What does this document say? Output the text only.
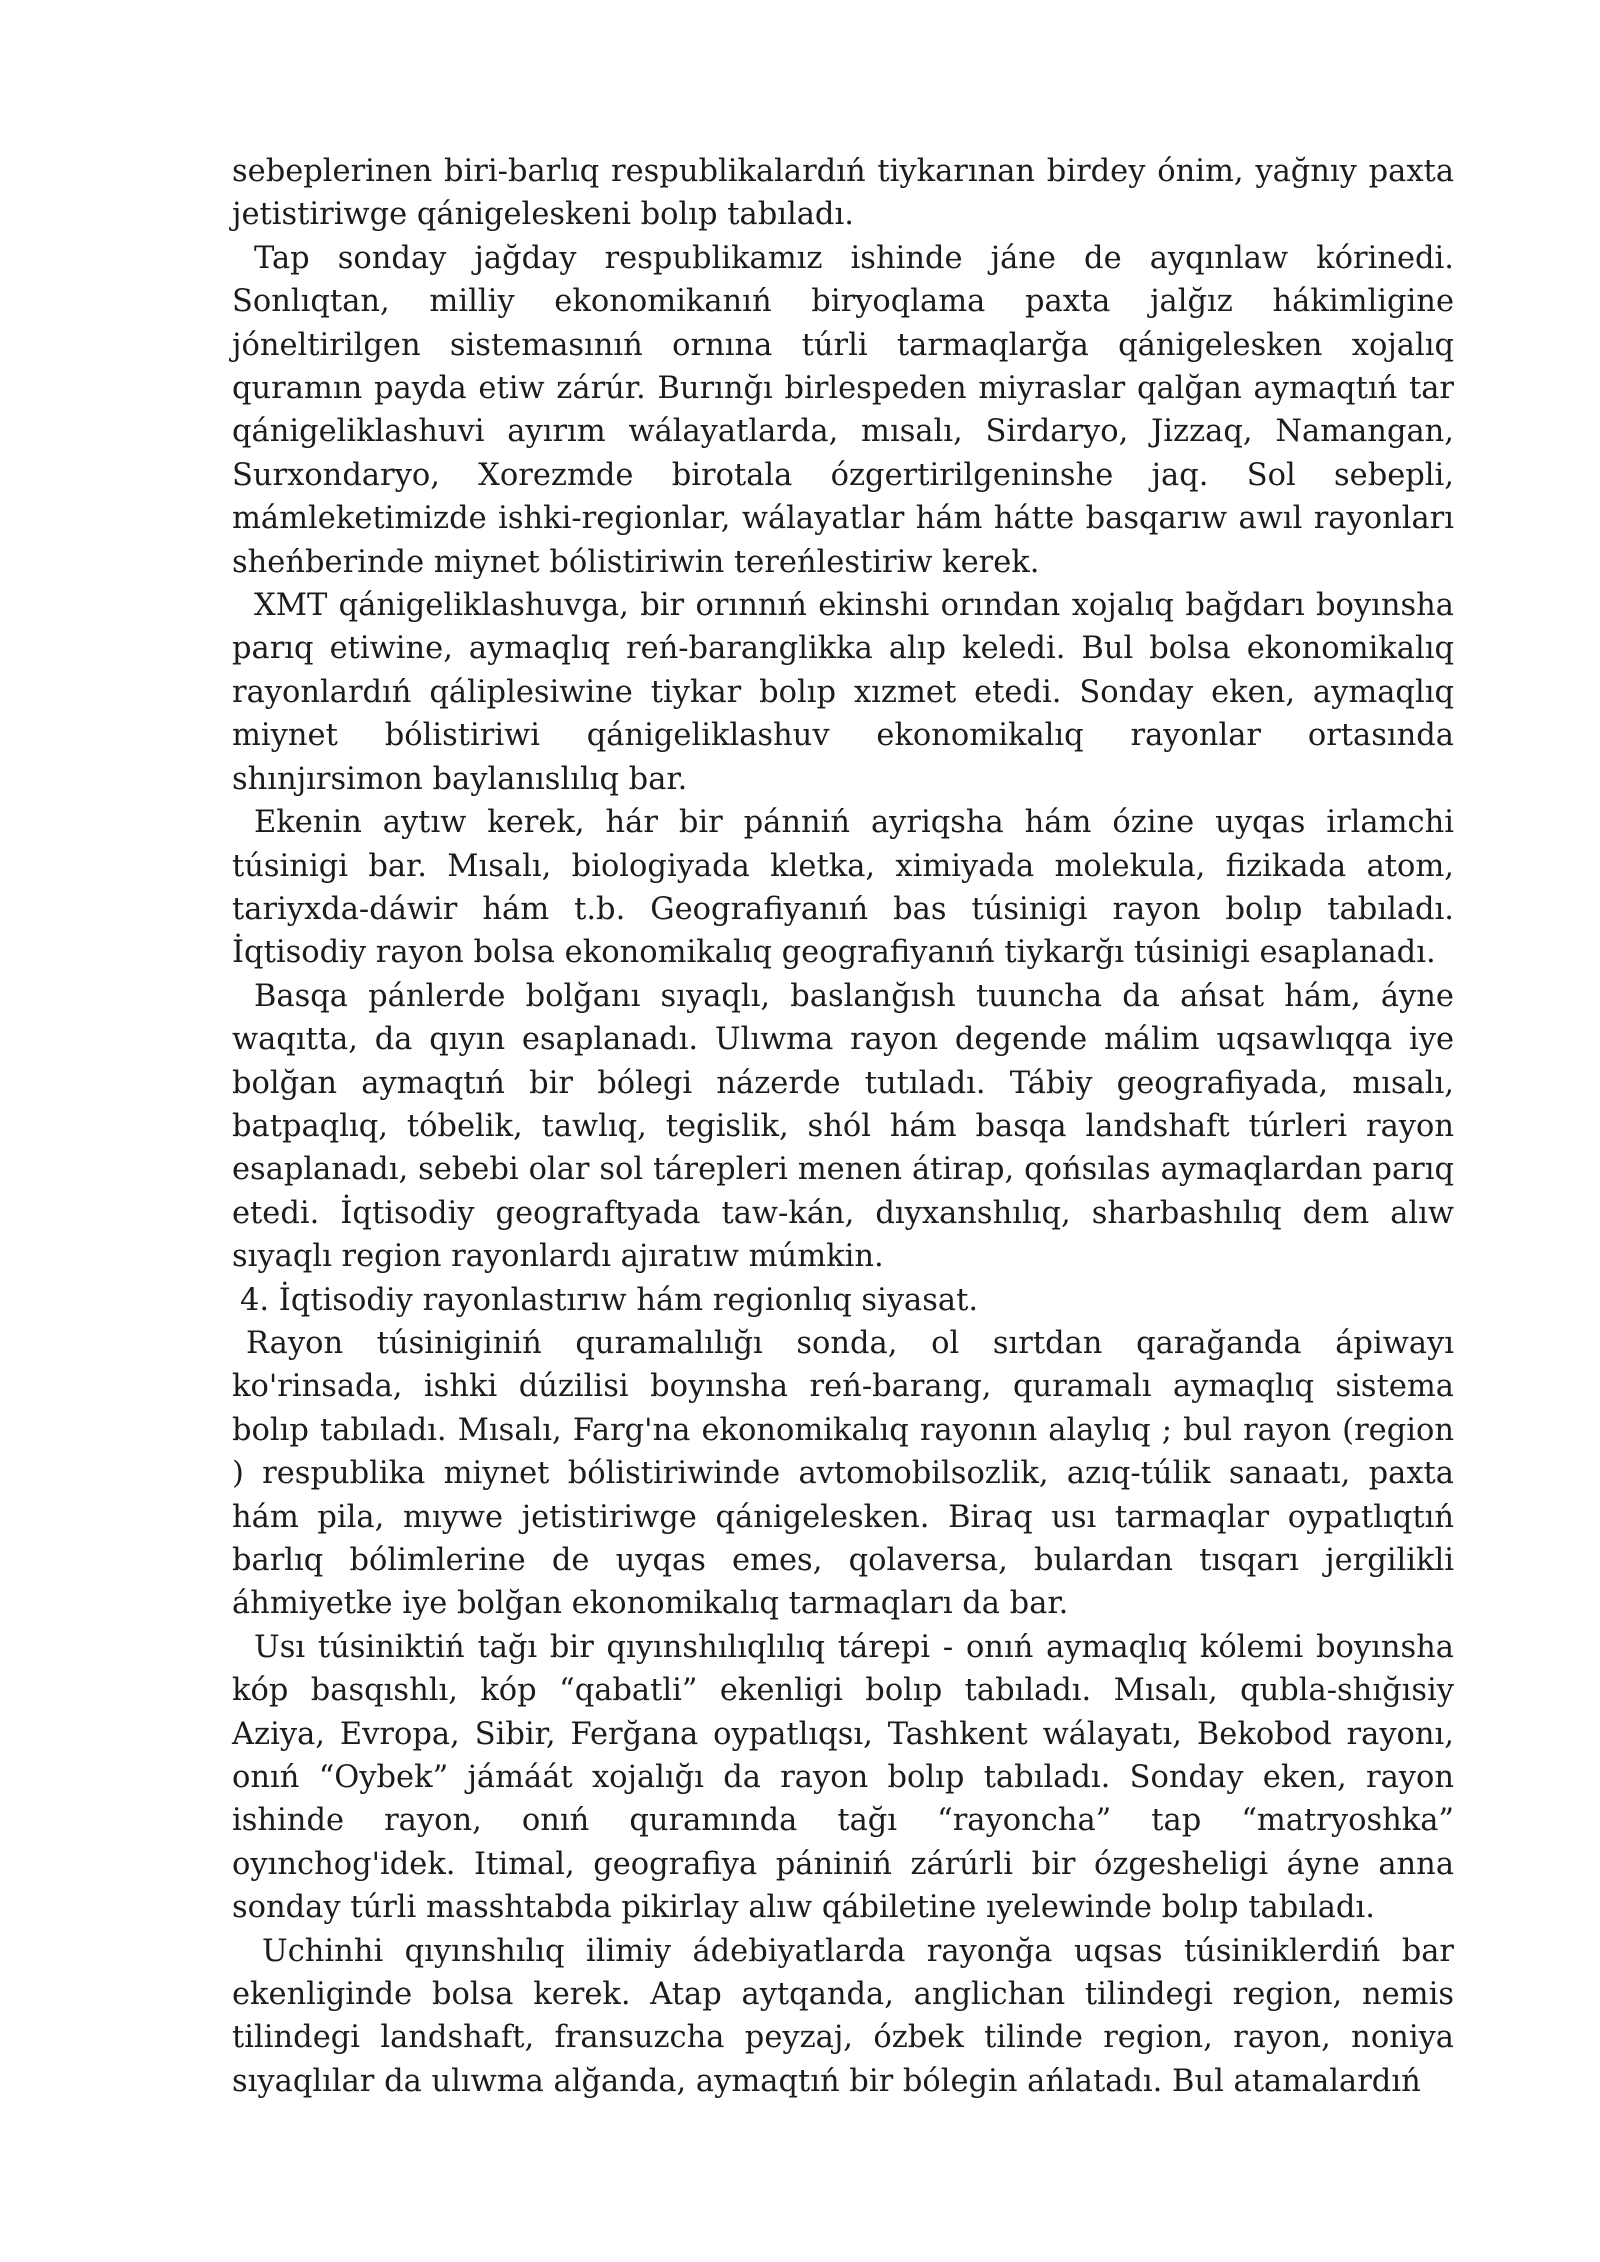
sebeplerinen biri-barlıq respublikalardıń tiykarınan birdey ónim, yağnıy paxta jetistiriwge qánigeleskeni bolıp tabıladı.

Tap sonday jağday respublikamız ishinde jáne de ayqınlaw kórinedi. Sonlıqtan, milliy ekonomikanıń biryoqlama paxta jalğız hákimligine jóneltirilgen sistemasınıń ornına túrli tarmaqlarğa qánigelesken xojalıq quramın payda etiw zárúr. Burınğı birlespeden miyraslar qalğan aymaqtıń tar qánigeliklashuvi ayırım wálayatlarda, mısalı, Sirdaryo, Jizzaq, Namangan, Surxondaryo, Xorezmde birotala ózgertirilgeninshe jaq. Sol sebepli, mámleketimizde ishki-regionlar, wálayatlar hám hátte basqarıw awıl rayonları sheńberinde miynet bólistiriwin tereńlestiriw kerek.

XMT qánigeliklashuvga, bir orınnıń ekinshi orından xojalıq bağdarı boyınsha parıq etiwine, aymaqlıq reń-baranglikka alıp keledi. Bul bolsa ekonomikalıq rayonlardıń qáliplesiwine tiykar bolıp xızmet etedi. Sonday eken, aymaqlıq miynet bólistiriwi qánigeliklashuv ekonomikalıq rayonlar ortasında shınjırsimon baylanıslılıq bar.

Ekenin aytıw kerek, hár bir pánniń ayriqsha hám ózine uyqas irlamchi túsinigi bar. Mısalı, biologiyada kletka, ximiyada molekula, fizikada atom, tariyxda-dáwir hám t.b. Geografiyanıń bas túsinigi rayon bolıp tabıladı. İqtisodiy rayon bolsa ekonomikalıq geografiyanıń tiykarğı túsinigi esaplanadı.

Basqa pánlerde bolğanı sıyaqlı, baslanğısh tuuncha da ańsat hám, áyne waqıtta, da qıyın esaplanadı. Ulıwma rayon degende málim uqsawlıqqa iye bolğan aymaqtıń bir bólegi názerde tutıladı. Tábiy geografiyada, mısalı, batpaqlıq, tóbelik, tawlıq, tegislik, shól hám basqa landshaft túrleri rayon esaplanadı, sebebi olar sol tárepleri menen átirap, qońsılas aymaqlardan parıq etedi. İqtisodiy geograftyada taw-kán, dıyxanshılıq, sharbashılıq dem alıw sıyaqlı region rayonlardı ajıratıw múmkin.

4. İqtisodiy rayonlastırıw hám regionlıq siyasat.

Rayon túsiniginiń quramalılığı sonda, ol sırtdan qarağanda ápiwayı ko'rinsada, ishki dúzilisi boyınsha reń-barang, quramalı aymaqlıq sistema bolıp tabıladı. Mısalı, Farg'na ekonomikalıq rayonın alaylıq ; bul rayon (region ) respublika miynet bólistiriwinde avtomobilsozlik, azıq-túlik sanaatı, paxta hám pila, mıywe jetistiriwge qánigelesken. Biraq usı tarmaqlar oypatlıqtıń barlıq bólimlerine de uyqas emes, qolaversa, bulardan tısqarı jergilikli áhmiyetke iye bolğan ekonomikalıq tarmaqları da bar.

Usı túsiniktiń tağı bir qıyınshılıqlılıq tárepi - onıń aymaqlıq kólemi boyınsha kóp basqıshlı, kóp “qabatli” ekenligi bolıp tabıladı. Mısalı, qubla-shığısiy Aziya, Evropa, Sibir, Ferğana oypatlıqsı, Tashkent wálayatı, Bekobod rayonı, onıń “Oybek” jámáát xojalığı da rayon bolıp tabıladı. Sonday eken, rayon ishinde rayon, onıń quramında tağı “rayoncha” tap “matryoshka” oyınchog'idek. Itimal, geografiya pániniń zárúrli bir ózgesheligi áyne anna sonday túrli masshtabda pikirlay alıw qábiletine ıyelewinde bolıp tabıladı.

Uchinhi qıyınshılıq ilimiy ádebiyatlarda rayonğa uqsas túsiniklerdiń bar ekenliginde bolsa kerek. Atap aytqanda, anglichan tilindegi region, nemis tilindegi landshaft, fransuzcha peyzaj, ózbek tilinde region, rayon, noniya sıyaqlılar da ulıwma alğanda, aymaqtıń bir bólegin ańlatadı. Bul atamalardıń
